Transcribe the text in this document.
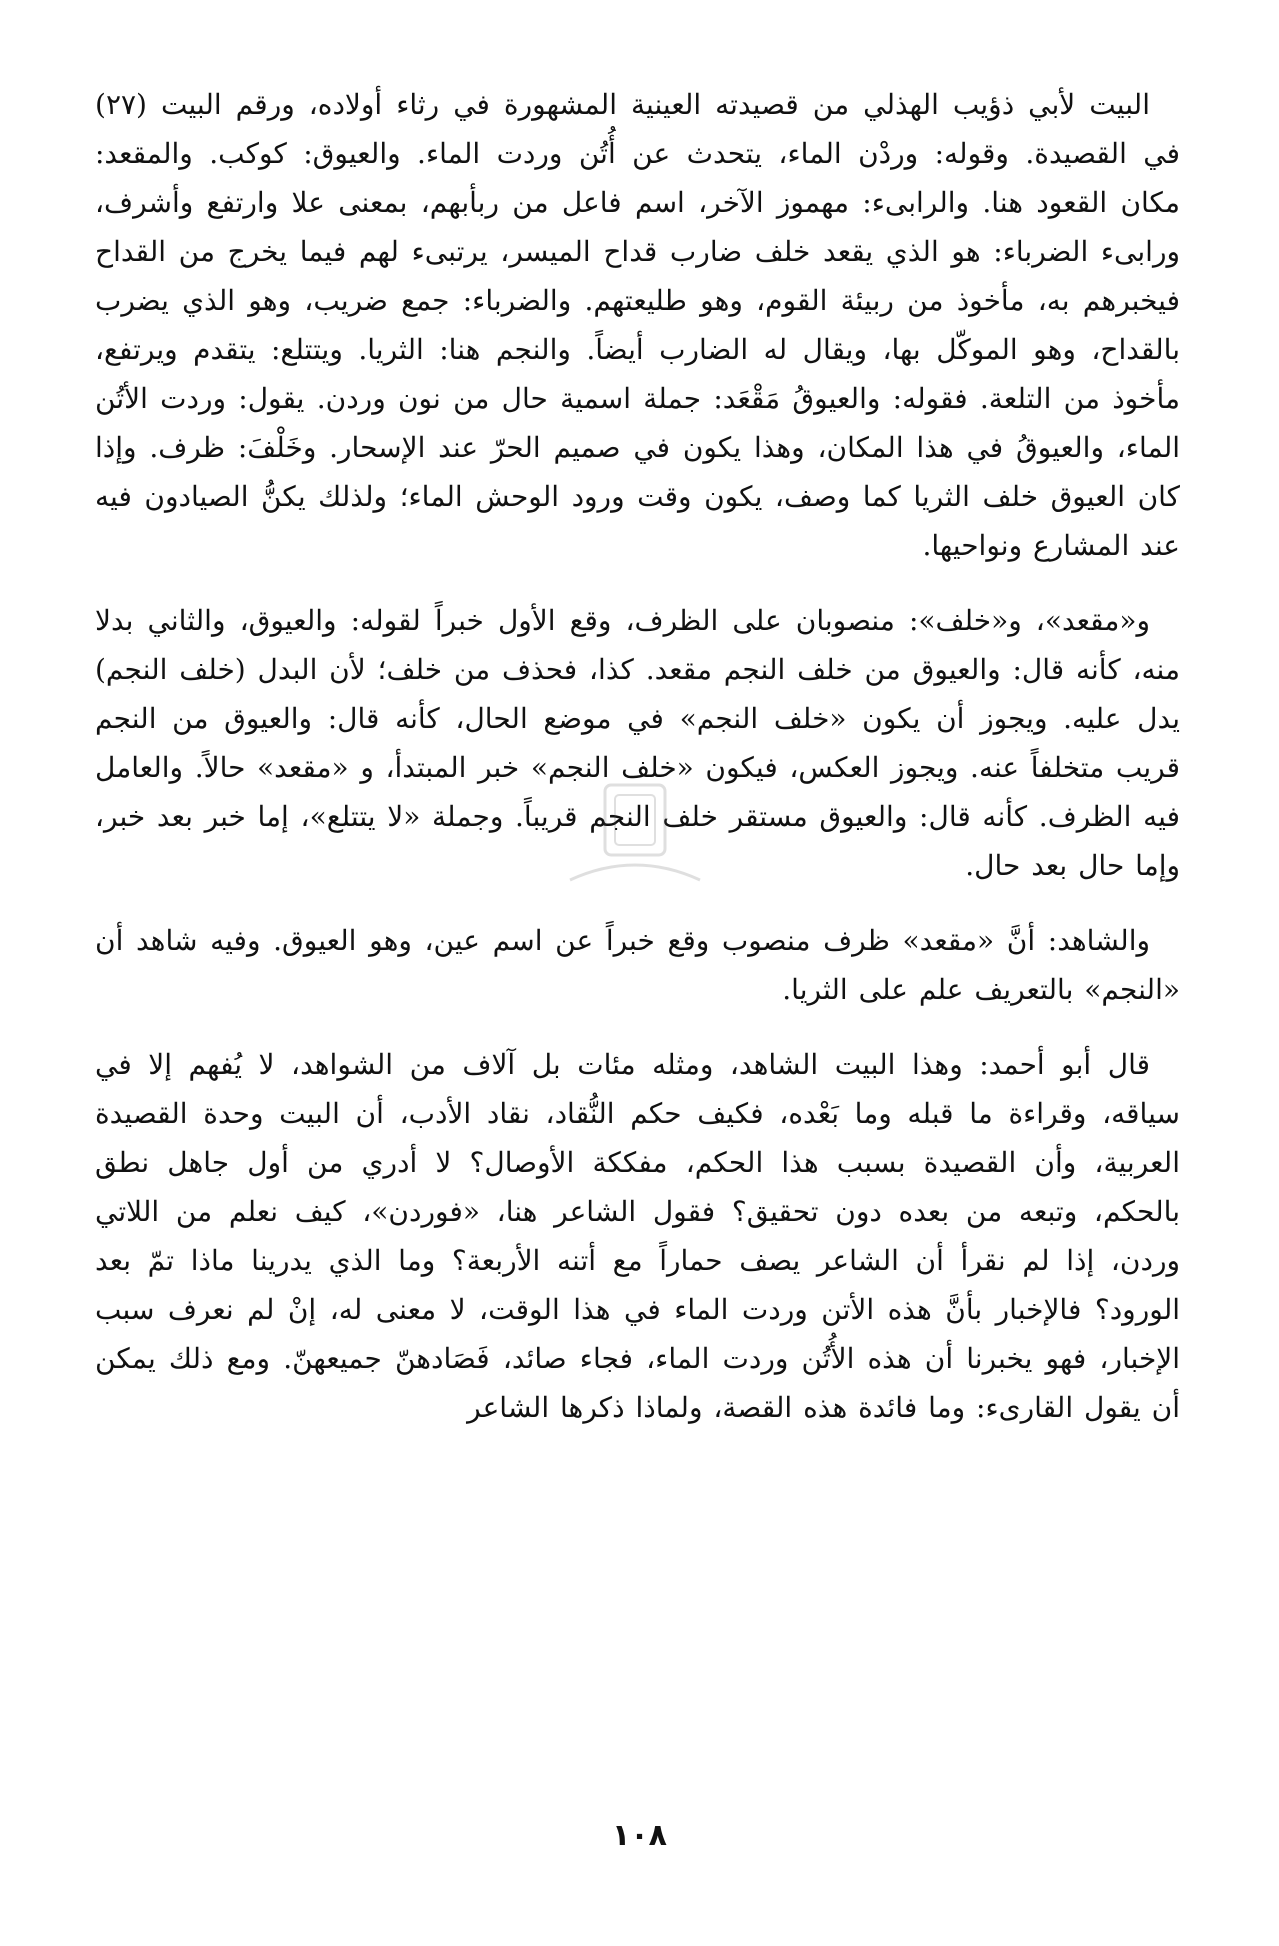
البيت لأبي ذؤيب الهذلي من قصيدته العينية المشهورة في رثاء أولاده، ورقم البيت (٢٧) في القصيدة. وقوله: وردْن الماء، يتحدث عن أُتُن وردت الماء. والعيوق: كوكب. والمقعد: مكان القعود هنا. والرابىء: مهموز الآخر، اسم فاعل من ربأبهم، بمعنى علا وارتفع وأشرف، ورابىء الضرباء: هو الذي يقعد خلف ضارب قداح الميسر، يرتبىء لهم فيما يخرج من القداح فيخبرهم به، مأخوذ من ربيئة القوم، وهو طليعتهم. والضرباء: جمع ضريب، وهو الذي يضرب بالقداح، وهو الموكّل بها، ويقال له الضارب أيضاً. والنجم هنا: الثريا. ويتتلع: يتقدم ويرتفع، مأخوذ من التلعة. فقوله: والعيوقُ مَقْعَد: جملة اسمية حال من نون وردن. يقول: وردت الأتُن الماء، والعيوقُ في هذا المكان، وهذا يكون في صميم الحرّ عند الإسحار. وخَلْفَ: ظرف. وإذا كان العيوق خلف الثريا كما وصف، يكون وقت ورود الوحش الماء؛ ولذلك يكنُّ الصيادون فيه عند المشارع ونواحيها.

و«مقعد»، و«خلف»: منصوبان على الظرف، وقع الأول خبراً لقوله: والعيوق، والثاني بدلا منه، كأنه قال: والعيوق من خلف النجم مقعد. كذا، فحذف من خلف؛ لأن البدل (خلف النجم) يدل عليه. ويجوز أن يكون «خلف النجم» في موضع الحال، كأنه قال: والعيوق من النجم قريب متخلفاً عنه. ويجوز العكس، فيكون «خلف النجم» خبر المبتدأ، و «مقعد» حالاً. والعامل فيه الظرف. كأنه قال: والعيوق مستقر خلف النجم قريباً. وجملة «لا يتتلع»، إما خبر بعد خبر، وإما حال بعد حال.

والشاهد: أنَّ «مقعد» ظرف منصوب وقع خبراً عن اسم عين، وهو العيوق. وفيه شاهد أن «النجم» بالتعريف علم على الثريا.

قال أبو أحمد: وهذا البيت الشاهد، ومثله مئات بل آلاف من الشواهد، لا يُفهم إلا في سياقه، وقراءة ما قبله وما بَعْده، فكيف حكم النُّقاد، نقاد الأدب، أن البيت وحدة القصيدة العربية، وأن القصيدة بسبب هذا الحكم، مفككة الأوصال؟ لا أدري من أول جاهل نطق بالحكم، وتبعه من بعده دون تحقيق؟ فقول الشاعر هنا، «فوردن»، كيف نعلم من اللاتي وردن، إذا لم نقرأ أن الشاعر يصف حماراً مع أتنه الأربعة؟ وما الذي يدرينا ماذا تمّ بعد الورود؟ فالإخبار بأنَّ هذه الأتن وردت الماء في هذا الوقت، لا معنى له، إنْ لم نعرف سبب الإخبار، فهو يخبرنا أن هذه الأُتُن وردت الماء، فجاء صائد، فَصَادهنّ جميعهنّ. ومع ذلك يمكن أن يقول القارىء: وما فائدة هذه القصة، ولماذا ذكرها الشاعر

١٠٨
